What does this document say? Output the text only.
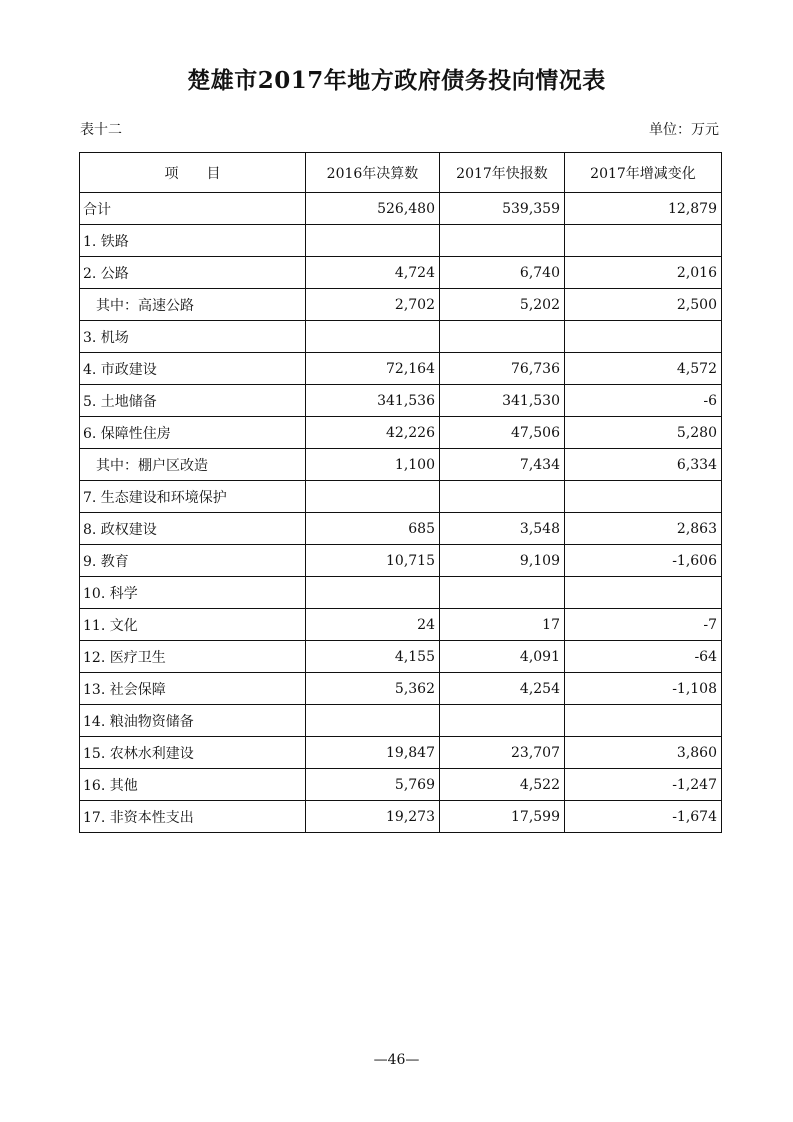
楚雄市2017年地方政府债务投向情况表
表十二	单位：万元
项　　目	2016年决算数	2017年快报数	2017年增减变化
合计	526,480	539,359	12,879
1. 铁路			
2. 公路	4,724	6,740	2,016
其中：高速公路	2,702	5,202	2,500
3. 机场			
4. 市政建设	72,164	76,736	4,572
5. 土地储备	341,536	341,530	-6
6. 保障性住房	42,226	47,506	5,280
其中：棚户区改造	1,100	7,434	6,334
7. 生态建设和环境保护			
8. 政权建设	685	3,548	2,863
9. 教育	10,715	9,109	-1,606
10. 科学			
11. 文化	24	17	-7
12. 医疗卫生	4,155	4,091	-64
13. 社会保障	5,362	4,254	-1,108
14. 粮油物资储备			
15. 农林水利建设	19,847	23,707	3,860
16. 其他	5,769	4,522	-1,247
17. 非资本性支出	19,273	17,599	-1,674
—46—
